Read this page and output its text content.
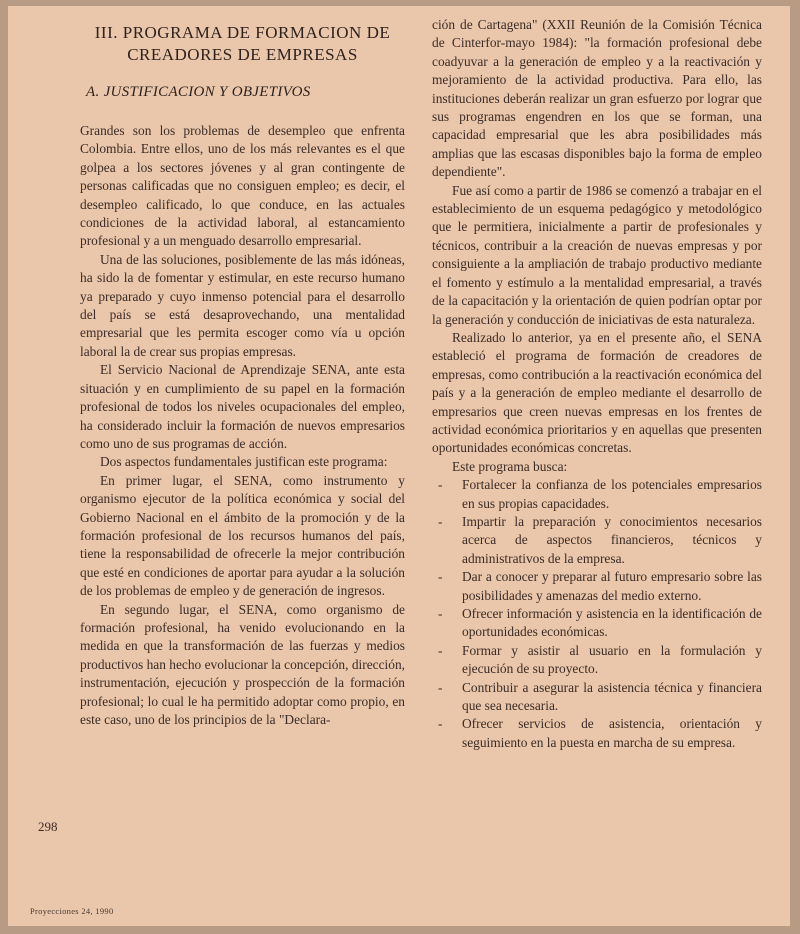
III. PROGRAMA DE FORMACION DE CREADORES DE EMPRESAS
A. JUSTIFICACION Y OBJETIVOS

Grandes son los problemas de desempleo que enfrenta Colombia. Entre ellos, uno de los más relevantes es el que golpea a los sectores jóvenes y al gran contingente de personas calificadas que no consiguen empleo; es decir, el desempleo calificado, lo que conduce, en las actuales condiciones de la actividad laboral, al estancamiento profesional y a un menguado desarrollo empresarial.

Una de las soluciones, posiblemente de las más idóneas, ha sido la de fomentar y estimular, en este recurso humano ya preparado y cuyo inmenso potencial para el desarrollo del país se está desaprovechando, una mentalidad empresarial que les permita escoger como vía u opción laboral la de crear sus propias empresas.

El Servicio Nacional de Aprendizaje SENA, ante esta situación y en cumplimiento de su papel en la formación profesional de todos los niveles ocupacionales del empleo, ha considerado incluir la formación de nuevos empresarios como uno de sus programas de acción.

Dos aspectos fundamentales justifican este programa:

En primer lugar, el SENA, como instrumento y organismo ejecutor de la política económica y social del Gobierno Nacional en el ámbito de la promoción y de la formación profesional de los recursos humanos del país, tiene la responsabilidad de ofrecerle la mejor contribución que esté en condiciones de aportar para ayudar a la solución de los problemas de empleo y de generación de ingresos.

En segundo lugar, el SENA, como organismo de formación profesional, ha venido evolucionando en la medida en que la transformación de las fuerzas y medios productivos han hecho evolucionar la concepción, dirección, instrumentación, ejecución y prospección de la formación profesional; lo cual le ha permitido adoptar como propio, en este caso, uno de los principios de la "Declara-

ción de Cartagena" (XXII Reunión de la Comisión Técnica de Cinterfor-mayo 1984): "la formación profesional debe coadyuvar a la generación de empleo y a la reactivación y mejoramiento de la actividad productiva. Para ello, las instituciones deberán realizar un gran esfuerzo por lograr que sus programas engendren en los que se forman, una capacidad empresarial que les abra posibilidades más amplias que las escasas disponibles bajo la forma de empleo dependiente".

Fue así como a partir de 1986 se comenzó a trabajar en el establecimiento de un esquema pedagógico y metodológico que le permitiera, inicialmente a partir de profesionales y técnicos, contribuir a la creación de nuevas empresas y por consiguiente a la ampliación de trabajo productivo mediante el fomento y estímulo a la mentalidad empresarial, a través de la capacitación y la orientación de quien podrían optar por la generación y conducción de iniciativas de esta naturaleza.

Realizado lo anterior, ya en el presente año, el SENA estableció el programa de formación de creadores de empresas, como contribución a la reactivación económica del país y a la generación de empleo mediante el desarrollo de empresarios que creen nuevas empresas en los frentes de actividad económica prioritarios y en aquellas que presenten oportunidades económicas concretas.

Este programa busca:

- Fortalecer la confianza de los potenciales empresarios en sus propias capacidades.
- Impartir la preparación y conocimientos necesarios acerca de aspectos financieros, técnicos y administrativos de la empresa.
- Dar a conocer y preparar al futuro empresario sobre las posibilidades y amenazas del medio externo.
- Ofrecer información y asistencia en la identificación de oportunidades económicas.
- Formar y asistir al usuario en la formulación y ejecución de su proyecto.
- Contribuir a asegurar la asistencia técnica y financiera que sea necesaria.
- Ofrecer servicios de asistencia, orientación y seguimiento en la puesta en marcha de su empresa.
298
Proyecciones 24, 1990
